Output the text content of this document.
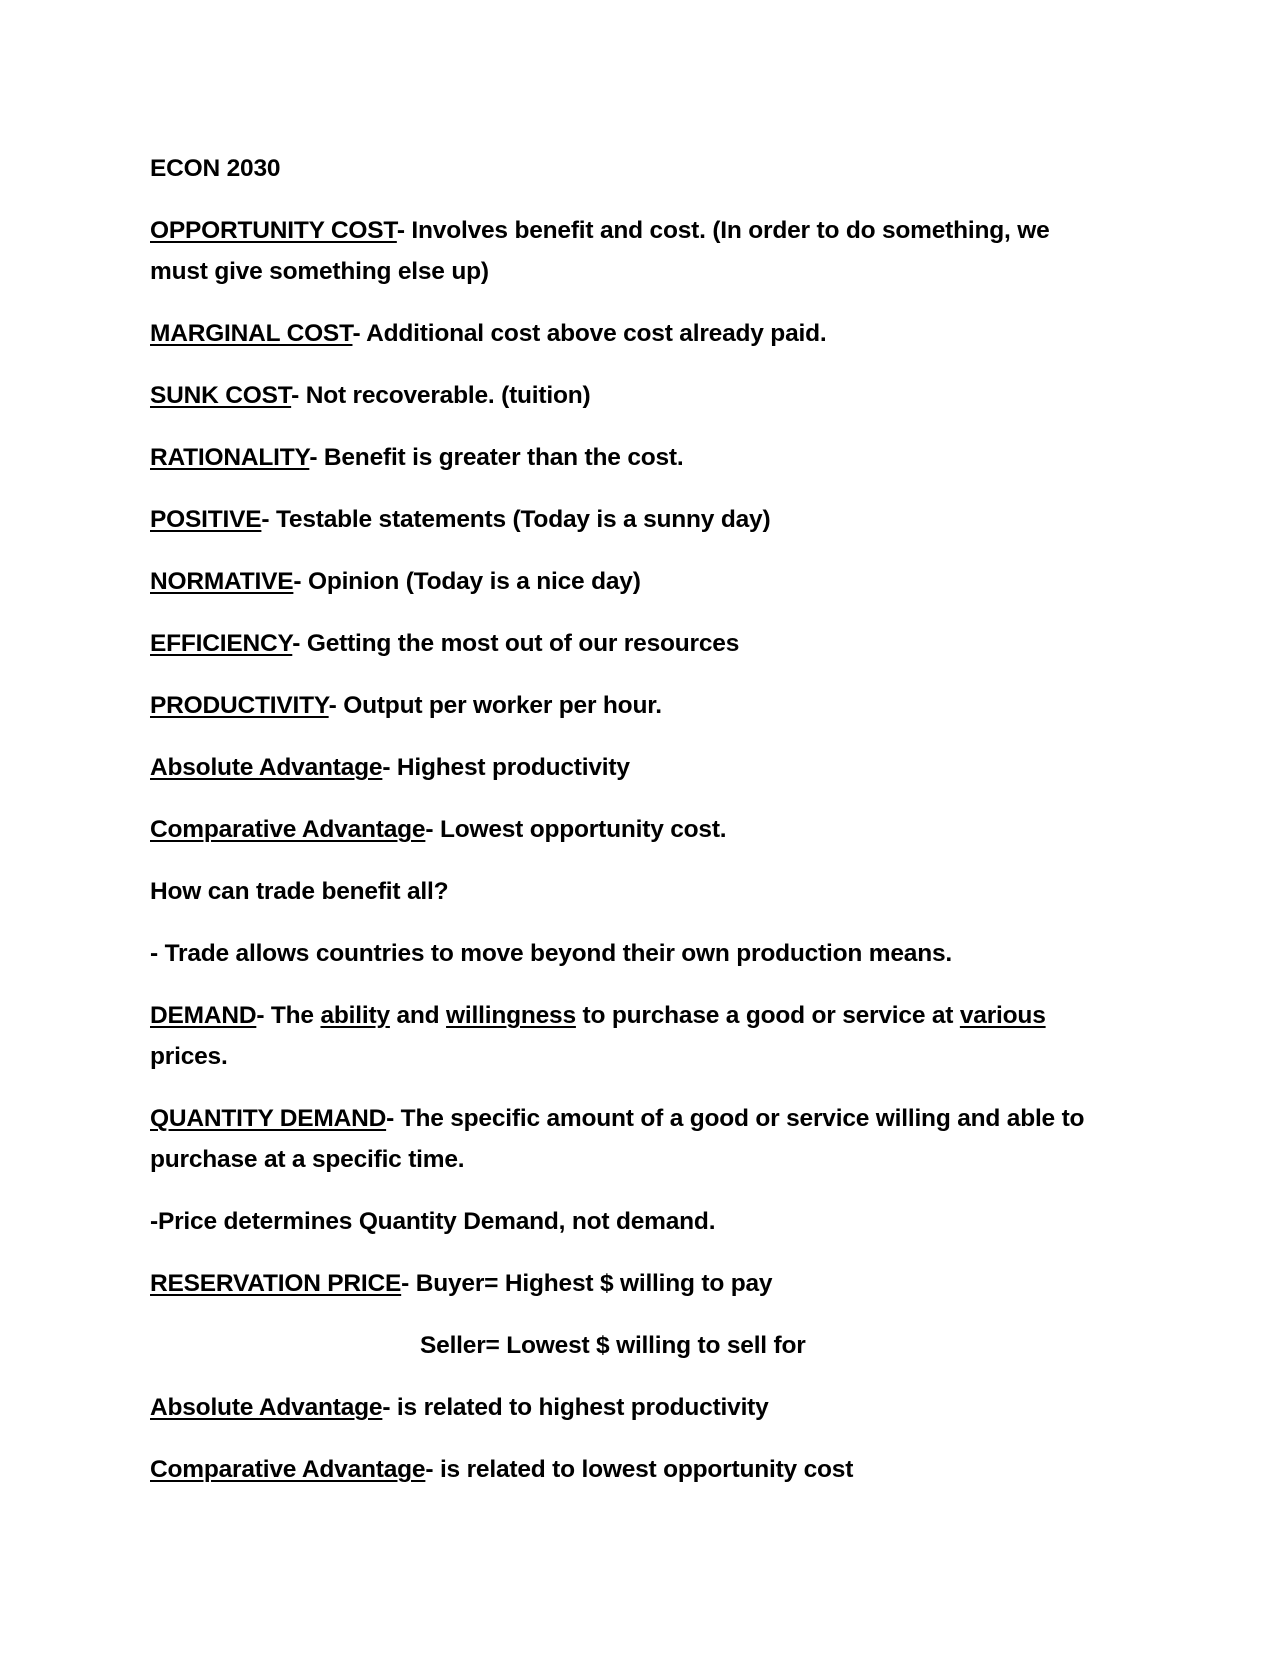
ECON 2030

OPPORTUNITY COST- Involves benefit and cost. (In order to do something, we must give something else up)

MARGINAL COST- Additional cost above cost already paid.

SUNK COST- Not recoverable. (tuition)

RATIONALITY- Benefit is greater than the cost.

POSITIVE- Testable statements (Today is a sunny day)

NORMATIVE- Opinion (Today is a nice day)

EFFICIENCY- Getting the most out of our resources

PRODUCTIVITY- Output per worker per hour.

Absolute Advantage- Highest productivity

Comparative Advantage- Lowest opportunity cost.

How can trade benefit all?

- Trade allows countries to move beyond their own production means.

DEMAND- The ability and willingness to purchase a good or service at various prices.

QUANTITY DEMAND- The specific amount of a good or service willing and able to purchase at a specific time.

-Price determines Quantity Demand, not demand.

RESERVATION PRICE- Buyer= Highest $ willing to pay

Seller= Lowest $ willing to sell for

Absolute Advantage- is related to highest productivity

Comparative Advantage- is related to lowest opportunity cost
